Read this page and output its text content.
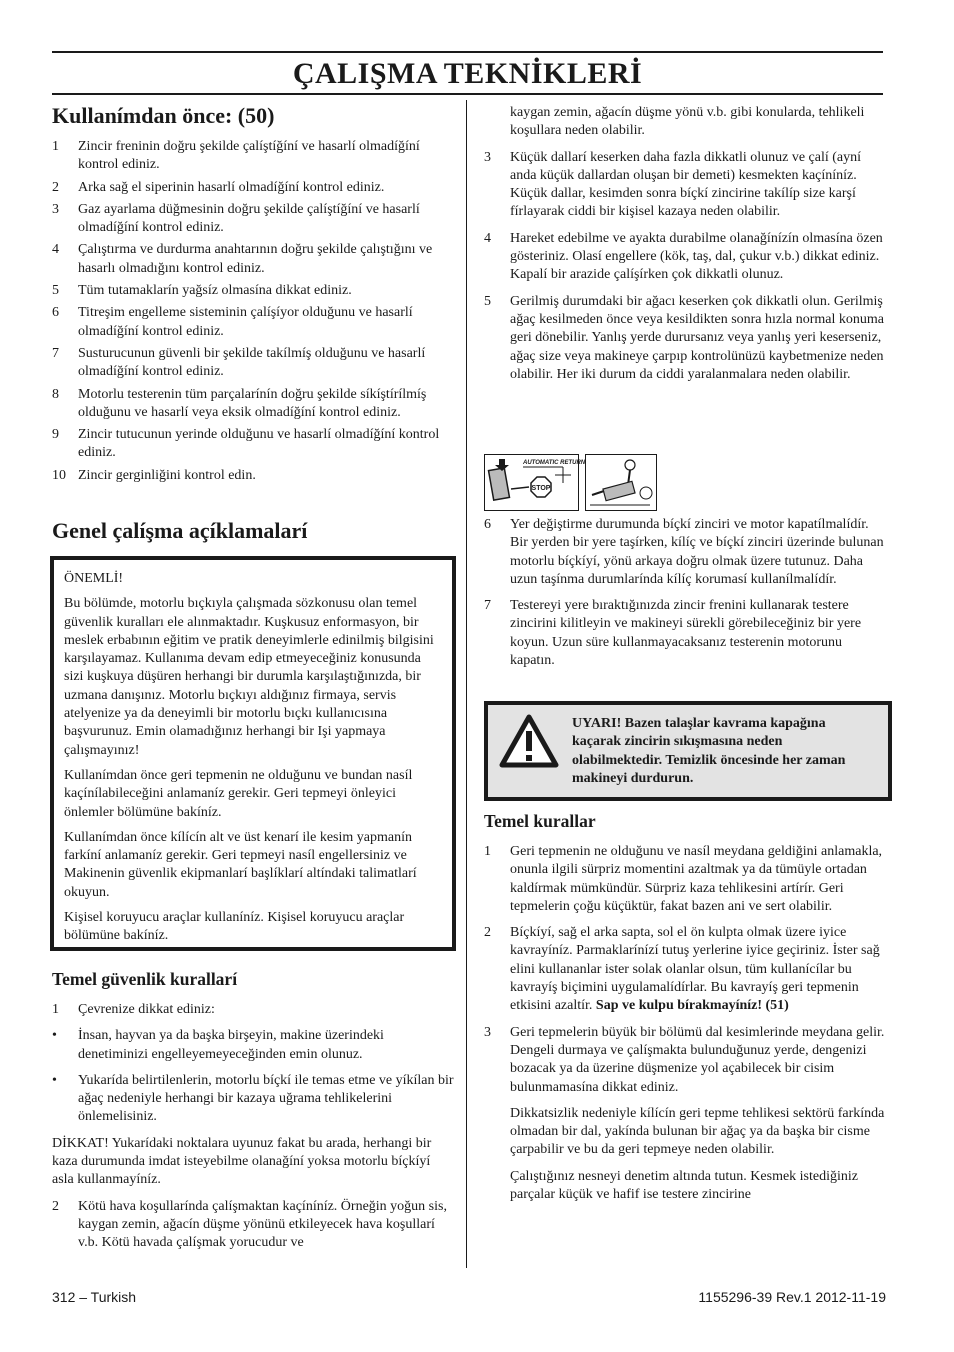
ÇALIŞMA TEKNİKLERİ
Kullanímdan önce: (50)
1 Zincir freninin doğru şekilde çalíştíğíní ve hasarlí olmadíğíní kontrol ediniz.
2 Arka sağ el siperinin hasarlí olmadíğíní kontrol ediniz.
3 Gaz ayarlama düğmesinin doğru şekilde çalíştíğíní ve hasarlí olmadíğíní kontrol ediniz.
4 Çalıştırma ve durdurma anahtarının doğru şekilde çalıştığını ve hasarlı olmadığını kontrol ediniz.
5 Tüm tutamaklarín yağsíz olmasína dikkat ediniz.
6 Titreşim engelleme sisteminin çalíşíyor olduğunu ve hasarlí olmadíğíní kontrol ediniz.
7 Susturucunun güvenli bir şekilde takílmíş olduğunu ve hasarlí olmadíğíní kontrol ediniz.
8 Motorlu testerenin tüm parçalarínín doğru şekilde síkíştírílmíş olduğunu ve hasarlí veya eksik olmadíğíní kontrol ediniz.
9 Zincir tutucunun yerinde olduğunu ve hasarlí olmadíğíní kontrol ediniz.
10 Zincir gerginliğini kontrol edin.
Genel çalíşma açíklamalarí

ÖNEMLİ!

Bu bölümde, motorlu bıçkıyla çalışmada sözkonusu olan temel güvenlik kuralları ele alınmaktadır. Kuşkusuz enformasyon, bir meslek erbabının eğitim ve pratik deneyimlerle edinilmiş bilgisini karşılayamaz. Kullanıma devam edip etmeyeceğiniz konusunda sizi kuşkuya düşüren herhangi bir durumla karşılaştığınızda, bir uzmana danışınız. Motorlu bıçkıyı aldığınız firmaya, servis atelyenize ya da deneyimli bir motorlu bıçkı kullanıcısına başvurunuz. Emin olamadığınız herhangi bir Işi yapmaya çalışmayınız!

Kullanímdan önce geri tepmenin ne olduğunu ve bundan nasíl kaçínílabileceğini anlamaníz gerekir. Geri tepmeyi önleyici önlemler bölümüne bakíníz.

Kullanímdan önce kílícín alt ve üst kenarí ile kesim yapmanín farkíní anlamaníz gerekir. Geri tepmeyi nasíl engellersiniz ve Makinenin güvenlik ekipmanlarí başlíklarí altíndaki talimatlarí okuyun.

Kişisel koruyucu araçlar kullaníníz. Kişisel koruyucu araçlar bölümüne bakíníz.

Temel güvenlik kurallarí
1 Çevrenize dikkat ediniz:
• İnsan, hayvan ya da başka birşeyin, makine üzerindeki denetiminizi engelleyemeyeceğinden emin olunuz.
• Yukarída belirtilenlerin, motorlu bíçkí ile temas etme ve yíkílan bir ağaç nedeniyle herhangi bir kazaya uğrama tehlikelerini önlemelisiniz.
DİKKAT! Yukarídaki noktalara uyunuz fakat bu arada, herhangi bir kaza durumunda imdat isteyebilme olanağíní yoksa motorlu bíçkíyí asla kullanmayíníz.
2 Kötü hava koşullarínda çalíşmaktan kaçíníníz. Örneğin yoğun sis, kaygan zemin, ağacín düşme yönünü etkileyecek hava koşullarí v.b. Kötü havada çalíşmak yorucudur ve
kaygan zemin, ağacín düşme yönü v.b. gibi konularda, tehlikeli koşullara neden olabilir.
3 Küçük dallarí keserken daha fazla dikkatli olunuz ve çalí (ayní anda küçük dallardan oluşan bir demeti) kesmekten kaçíníníz. Küçük dallar, kesimden sonra bíçkí zincirine takílíp size karşí fírlayarak ciddi bir kişisel kazaya neden olabilir.
4 Hareket edebilme ve ayakta durabilme olanağínízín olmasína özen gösteriniz. Olasí engellere (kök, taş, dal, çukur v.b.) dikkat ediniz. Kapalí bir arazide çalíşírken çok dikkatli olunuz.
5 Gerilmiş durumdaki bir ağacı keserken çok dikkatli olun. Gerilmiş ağaç kesilmeden önce veya kesildikten sonra hızla normal konuma geri dönebilir. Yanlış yerde durursanız veya yanlış yeri keserseniz, ağaç size veya makineye çarpıp kontrolünüzü kaybetmenize neden olabilir. Her iki durum da ciddi yaralanmalara neden olabilir.
AUTOMATIC RETURN
STOP
6 Yer değiştirme durumunda bíçkí zinciri ve motor kapatílmalídír. Bir yerden bir yere taşírken, kílíç ve bíçkí zinciri üzerinde bulunan motorlu bíçkíyí, yönü arkaya doğru olmak üzere tutunuz. Daha uzun taşínma durumlarínda kílíç korumasí kullanílmalídír.
7 Testereyi yere bıraktığınızda zincir frenini kullanarak testere zincirini kilitleyin ve makineyi sürekli görebileceğiniz bir yere koyun. Uzun süre kullanmayacaksanız testerenin motorunu kapatın.
UYARI! Bazen talaşlar kavrama kapağına kaçarak zincirin sıkışmasına neden olabilmektedir. Temizlik öncesinde her zaman makineyi durdurun.
Temel kurallar
1 Geri tepmenin ne olduğunu ve nasíl meydana geldiğini anlamakla, onunla ilgili sürpriz momentini azaltmak ya da tümüyle ortadan kaldírmak mümkündür. Sürpriz kaza tehlikesini artírír. Geri tepmelerin çoğu küçüktür, fakat bazen ani ve sert olabilir.
2 Bíçkíyí, sağ el arka sapta, sol el ön kulpta olmak üzere iyice kavrayíníz. Parmaklarínízí tutuş yerlerine iyice geçiriniz. İster sağ elini kullananlar ister solak olanlar olsun, tüm kullanícílar bu kavrayíş biçimini uygulamalídírlar. Bu kavrayíş geri tepmenin etkisini azaltír. Sap ve kulpu bírakmayíníz! (51)
3 Geri tepmelerin büyük bir bölümü dal kesimlerinde meydana gelir. Dengeli durmaya ve çalíşmakta bulunduğunuz yerde, dengenizi bozacak ya da üzerine düşmenize yol açabilecek bir cisim bulunmamasína dikkat ediniz.
Dikkatsizlik nedeniyle kílícín geri tepme tehlikesi sektörü farkínda olmadan bir dal, yakínda bulunan bir ağaç ya da başka bir cisme çarpabilir ve bu da geri tepmeye neden olabilir.
Çalıştığınız nesneyi denetim altında tutun. Kesmek istediğiniz parçalar küçük ve hafif ise testere zincirine
312 – Turkish	1155296-39 Rev.1 2012-11-19
